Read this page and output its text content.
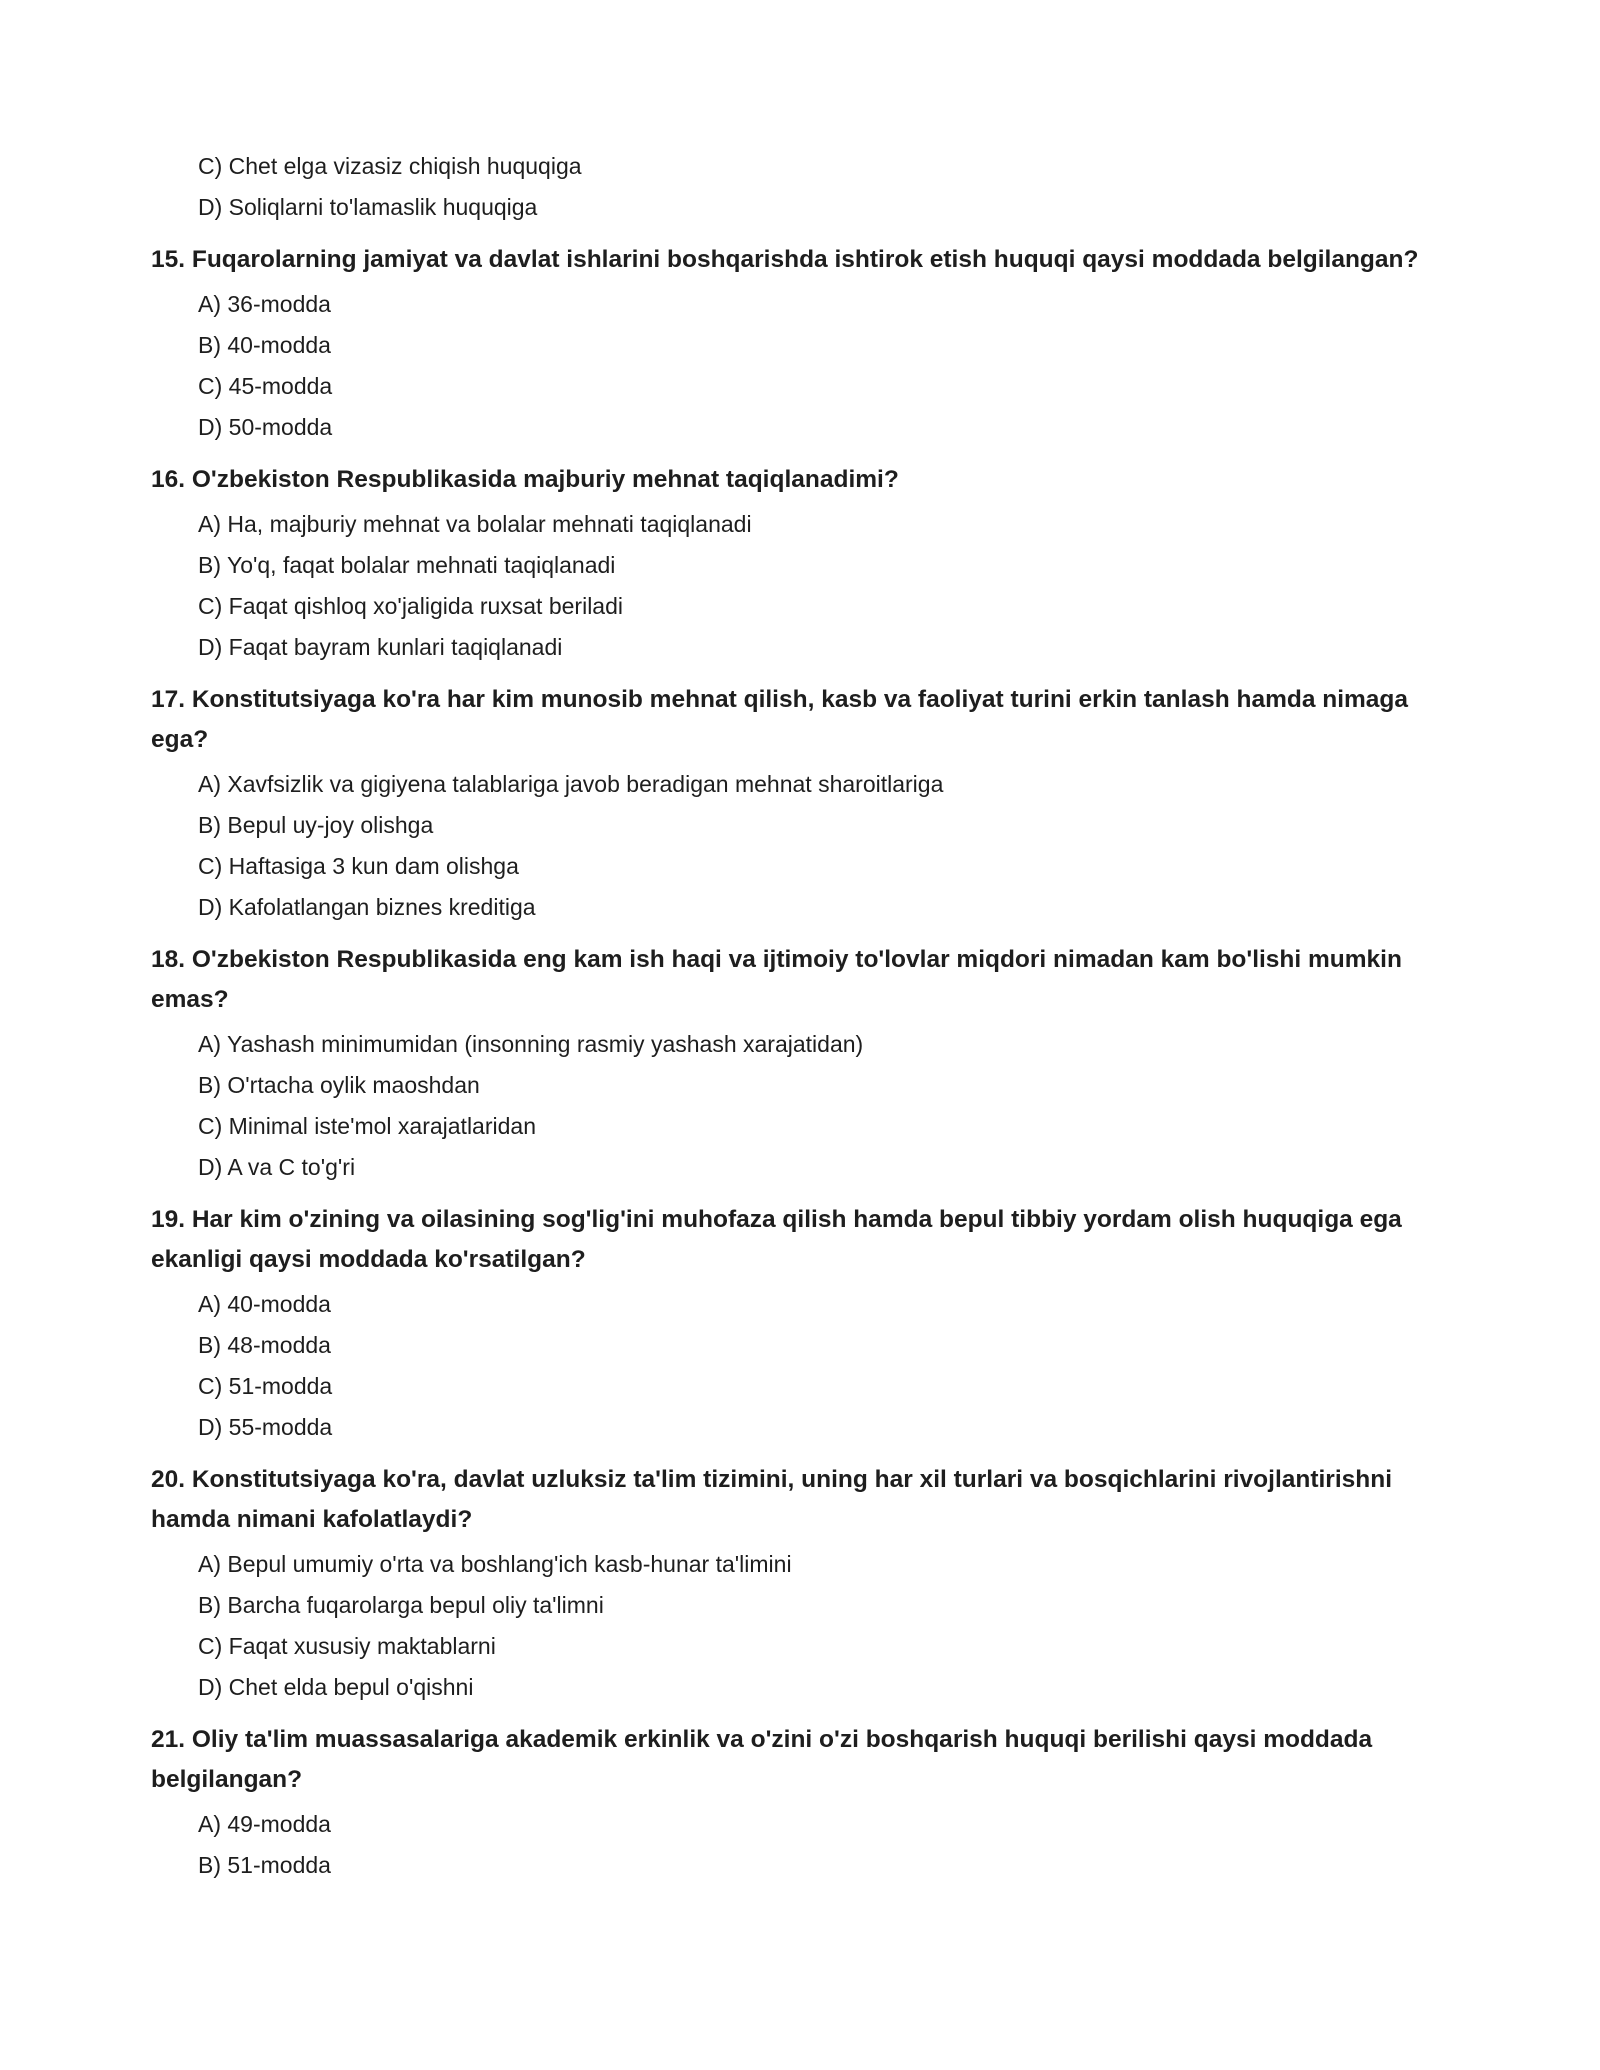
C) Chet elga vizasiz chiqish huquqiga
D) Soliqlarni to'lamaslik huquqiga
15. Fuqarolarning jamiyat va davlat ishlarini boshqarishda ishtirok etish huquqi qaysi moddada belgilangan?
A) 36-modda
B) 40-modda
C) 45-modda
D) 50-modda
16. O'zbekiston Respublikasida majburiy mehnat taqiqlanadimi?
A) Ha, majburiy mehnat va bolalar mehnati taqiqlanadi
B) Yo'q, faqat bolalar mehnati taqiqlanadi
C) Faqat qishloq xo'jaligida ruxsat beriladi
D) Faqat bayram kunlari taqiqlanadi
17. Konstitutsiyaga ko'ra har kim munosib mehnat qilish, kasb va faoliyat turini erkin tanlash hamda nimaga ega?
A) Xavfsizlik va gigiyena talablariga javob beradigan mehnat sharoitlariga
B) Bepul uy-joy olishga
C) Haftasiga 3 kun dam olishga
D) Kafolatlangan biznes kreditiga
18. O'zbekiston Respublikasida eng kam ish haqi va ijtimoiy to'lovlar miqdori nimadan kam bo'lishi mumkin emas?
A) Yashash minimumidan (insonning rasmiy yashash xarajatidan)
B) O'rtacha oylik maoshdan
C) Minimal iste'mol xarajatlaridan
D) A va C to'g'ri
19. Har kim o'zining va oilasining sog'lig'ini muhofaza qilish hamda bepul tibbiy yordam olish huquqiga ega ekanligi qaysi moddada ko'rsatilgan?
A) 40-modda
B) 48-modda
C) 51-modda
D) 55-modda
20. Konstitutsiyaga ko'ra, davlat uzluksiz ta'lim tizimini, uning har xil turlari va bosqichlarini rivojlantirishni hamda nimani kafolatlaydi?
A) Bepul umumiy o'rta va boshlang'ich kasb-hunar ta'limini
B) Barcha fuqarolarga bepul oliy ta'limni
C) Faqat xususiy maktablarni
D) Chet elda bepul o'qishni
21. Oliy ta'lim muassasalariga akademik erkinlik va o'zini o'zi boshqarish huquqi berilishi qaysi moddada belgilangan?
A) 49-modda
B) 51-modda
